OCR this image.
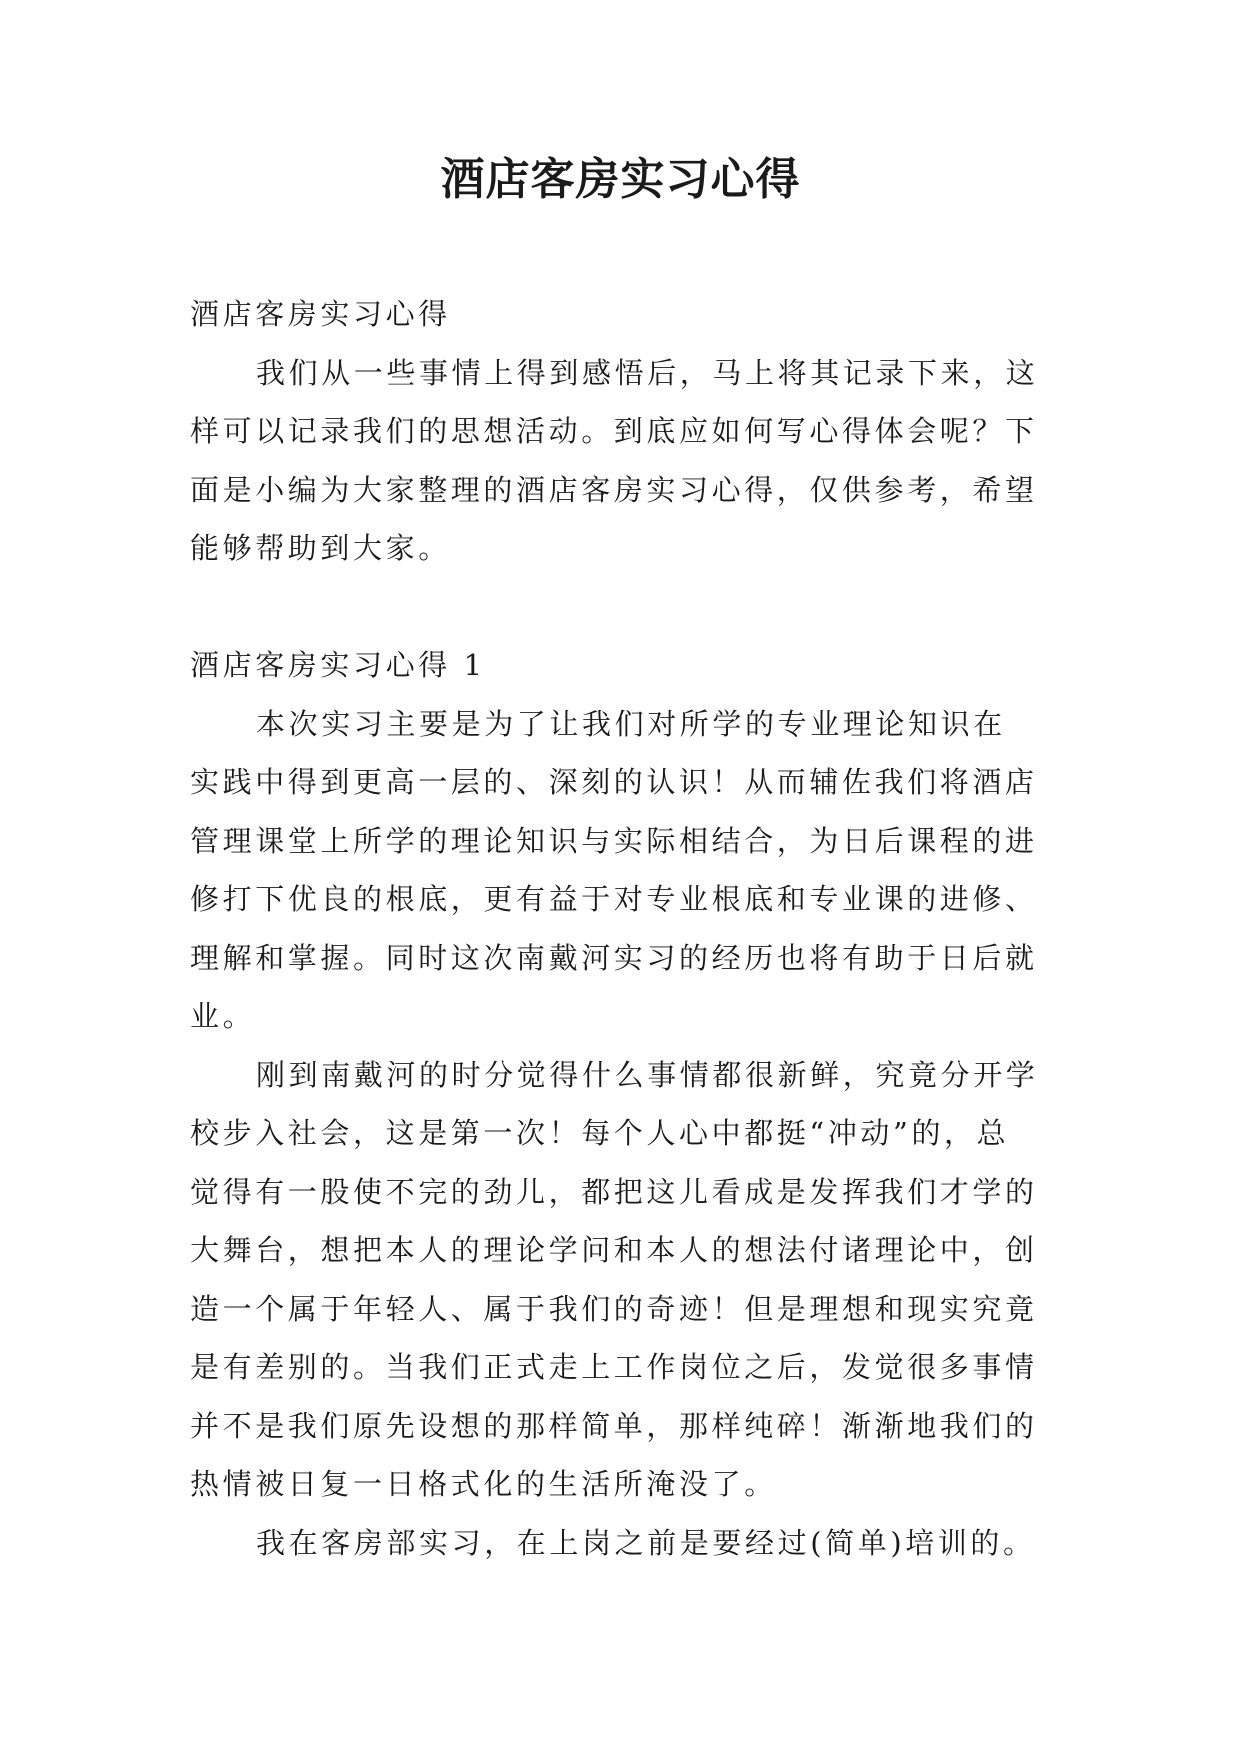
酒店客房实习心得
酒店客房实习心得
我们从一些事情上得到感悟后，马上将其记录下来，这
样可以记录我们的思想活动。到底应如何写心得体会呢？下
面是小编为大家整理的酒店客房实习心得，仅供参考，希望
能够帮助到大家。
酒店客房实习心得 1
本次实习主要是为了让我们对所学的专业理论知识在
实践中得到更高一层的、深刻的认识！从而辅佐我们将酒店
管理课堂上所学的理论知识与实际相结合，为日后课程的进
修打下优良的根底，更有益于对专业根底和专业课的进修、
理解和掌握。同时这次南戴河实习的经历也将有助于日后就
业。
刚到南戴河的时分觉得什么事情都很新鲜，究竟分开学
校步入社会，这是第一次！每个人心中都挺“冲动”的，总
觉得有一股使不完的劲儿，都把这儿看成是发挥我们才学的
大舞台，想把本人的理论学问和本人的想法付诸理论中，创
造一个属于年轻人、属于我们的奇迹！但是理想和现实究竟
是有差别的。当我们正式走上工作岗位之后，发觉很多事情
并不是我们原先设想的那样简单，那样纯碎！渐渐地我们的
热情被日复一日格式化的生活所淹没了。
我在客房部实习，在上岗之前是要经过(简单)培训的。
